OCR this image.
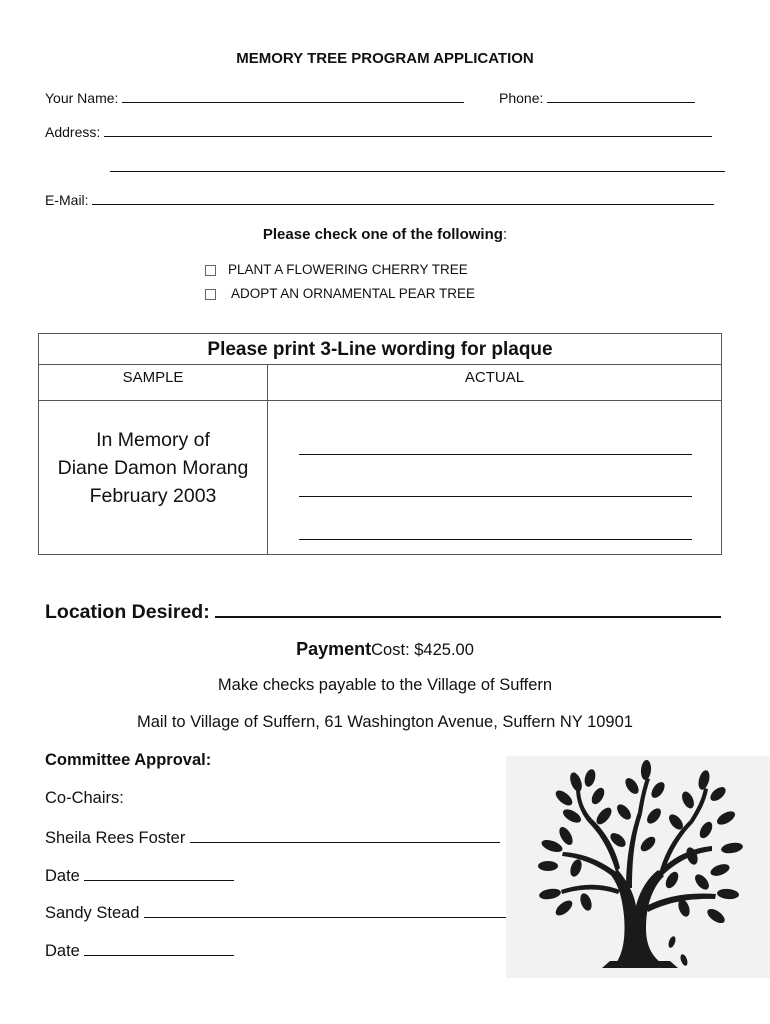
MEMORY TREE PROGRAM APPLICATION
Your Name:	Phone:
Address:
E-Mail:
Please check one of the following:
PLANT A FLOWERING CHERRY TREE
ADOPT AN ORNAMENTAL PEAR TREE
Please print 3-Line wording for plaque
SAMPLE	ACTUAL
In Memory of
Diane Damon Morang
February 2003
Location Desired:
PaymentCost: $425.00
Make checks payable to the Village of Suffern
Mail to Village of Suffern, 61 Washington Avenue, Suffern NY 10901
Committee Approval:
Co-Chairs:
Sheila Rees Foster
Date
Sandy Stead
Date
